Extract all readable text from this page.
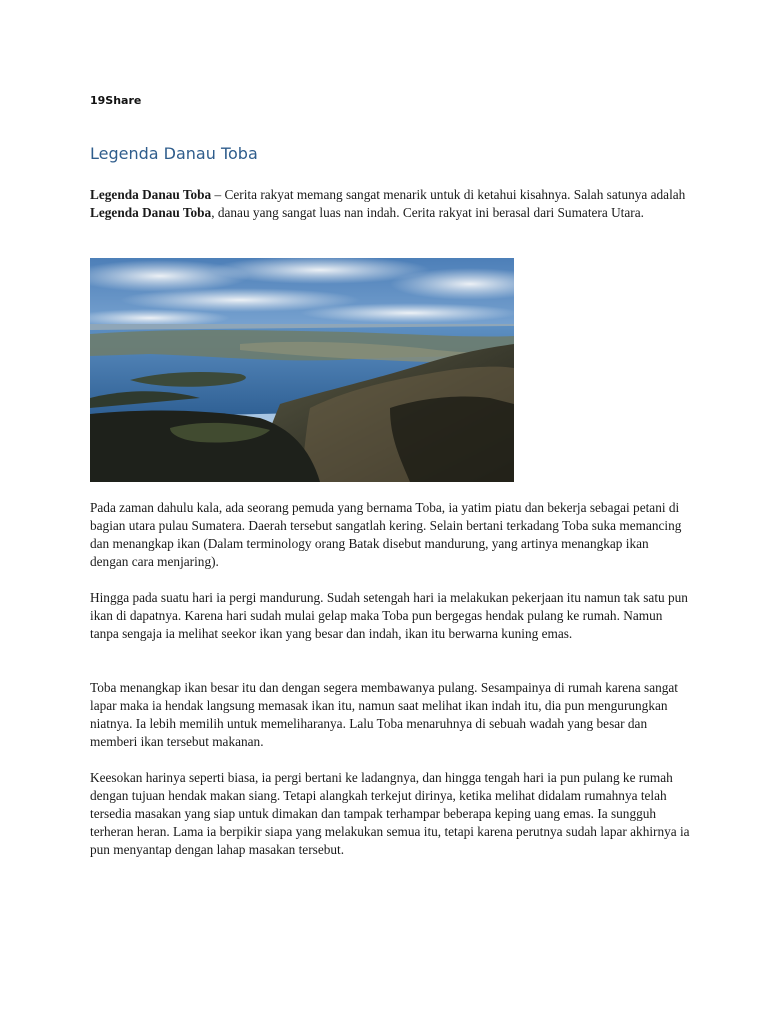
19Share
Legenda Danau Toba

Legenda Danau Toba – Cerita rakyat memang sangat menarik untuk di ketahui kisahnya. Salah satunya adalah Legenda Danau Toba, danau yang sangat luas nan indah. Cerita rakyat ini berasal dari Sumatera Utara.

Pada zaman dahulu kala, ada seorang pemuda yang bernama Toba, ia yatim piatu dan bekerja sebagai petani di bagian utara pulau Sumatera. Daerah tersebut sangatlah kering. Selain bertani terkadang Toba suka memancing dan menangkap ikan (Dalam terminology orang Batak disebut mandurung, yang artinya menangkap ikan dengan cara menjaring).

Hingga pada suatu hari ia pergi mandurung. Sudah setengah hari ia melakukan pekerjaan itu namun tak satu pun ikan di dapatnya. Karena hari sudah mulai gelap maka Toba pun bergegas hendak pulang ke rumah. Namun tanpa sengaja ia melihat seekor ikan yang besar dan indah, ikan itu berwarna kuning emas.

Toba menangkap ikan besar itu dan dengan segera membawanya pulang. Sesampainya di rumah karena sangat lapar maka ia hendak langsung memasak ikan itu, namun saat melihat ikan indah itu, dia pun mengurungkan niatnya. Ia lebih memilih untuk memeliharanya. Lalu Toba menaruhnya di sebuah wadah yang besar dan memberi ikan tersebut makanan.

Keesokan harinya seperti biasa, ia pergi bertani ke ladangnya, dan hingga tengah hari ia pun pulang ke rumah dengan tujuan hendak makan siang. Tetapi alangkah terkejut dirinya, ketika melihat didalam rumahnya telah tersedia masakan yang siap untuk dimakan dan tampak terhampar beberapa keping uang emas. Ia sungguh terheran heran. Lama ia berpikir siapa yang melakukan semua itu, tetapi karena perutnya sudah lapar akhirnya ia pun menyantap dengan lahap masakan tersebut.
